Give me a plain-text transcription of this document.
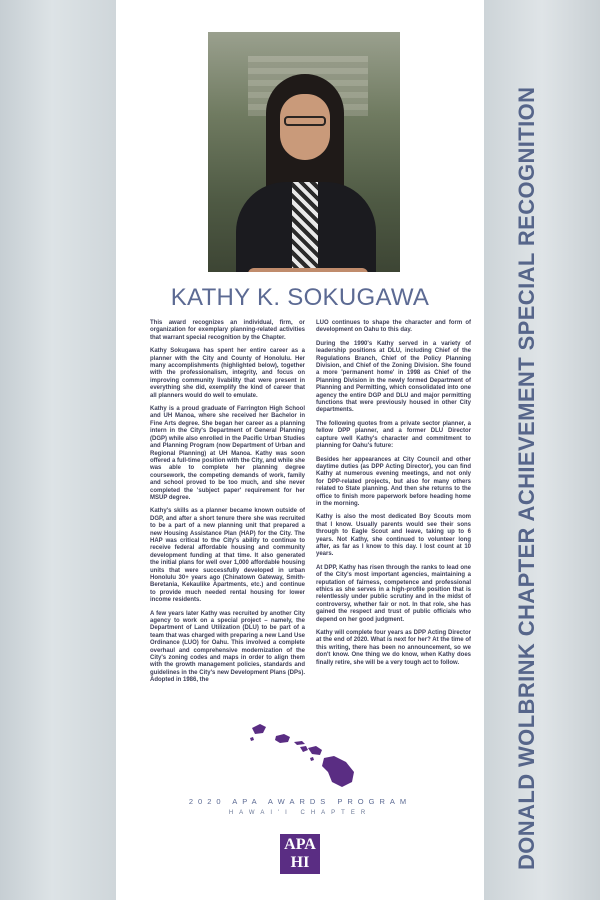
DONALD WOLBRINK CHAPTER ACHIEVEMENT SPECIAL RECOGNITION
KATHY K. SOKUGAWA

This award recognizes an individual, firm, or organization for exemplary planning-related activities that warrant special recognition by the Chapter.

Kathy Sokugawa has spent her entire career as a planner with the City and County of Honolulu. Her many accomplishments (highlighted below), together with the professionalism, integrity, and focus on improving community livability that were present in everything she did, exemplify the kind of career that all planners would do well to emulate.

Kathy is a proud graduate of Farrington High School and UH Manoa, where she received her Bachelor in Fine Arts degree. She began her career as a planning intern in the City's Department of General Planning (DGP) while also enrolled in the Pacific Urban Studies and Planning Program (now Department of Urban and Regional Planning) at UH Manoa. Kathy was soon offered a full-time position with the City, and while she was able to complete her planning degree coursework, the competing demands of work, family and school proved to be too much, and she never completed the 'subject paper' requirement for her MSUP degree.

Kathy's skills as a planner became known outside of DGP, and after a short tenure there she was recruited to be a part of a new planning unit that prepared a new Housing Assistance Plan (HAP) for the City. The HAP was critical to the City's ability to continue to receive federal affordable housing and community development funding at that time. It also generated the initial plans for well over 1,000 affordable housing units that were successfully developed in urban Honolulu 30+ years ago (Chinatown Gateway, Smith-Beretania, Kekaulike Apartments, etc.) and continue to provide much needed rental housing for lower income residents.

A few years later Kathy was recruited by another City agency to work on a special project – namely, the Department of Land Utilization (DLU) to be part of a team that was charged with preparing a new Land Use Ordinance (LUO) for Oahu. This involved a complete overhaul and comprehensive modernization of the City's zoning codes and maps in order to align them with the growth management policies, standards and guidelines in the City's new Development Plans (DPs). Adopted in 1986, the

LUO continues to shape the character and form of development on Oahu to this day.

During the 1990's Kathy served in a variety of leadership positions at DLU, including Chief of the Regulations Branch, Chief of the Policy Planning Division, and Chief of the Zoning Division. She found a more 'permanent home' in 1998 as Chief of the Planning Division in the newly formed Department of Planning and Permitting, which consolidated into one agency the entire DGP and DLU and major permitting functions that were previously housed in other City departments.

The following quotes from a private sector planner, a fellow DPP planner, and a former DLU Director capture well Kathy's character and commitment to planning for Oahu's future:

Besides her appearances at City Council and other daytime duties (as DPP Acting Director), you can find Kathy at numerous evening meetings, and not only for DPP-related projects, but also for many others related to State planning. And then she returns to the office to finish more paperwork before heading home in the morning.

Kathy is also the most dedicated Boy Scouts mom that I know. Usually parents would see their sons through to Eagle Scout and leave, taking up to 6 years. Not Kathy, she continued to volunteer long after, as far as I know to this day. I lost count at 10 years.

At DPP, Kathy has risen through the ranks to lead one of the City's most important agencies, maintaining a reputation of fairness, competence and professional ethics as she serves in a high-profile position that is relentlessly under public scrutiny and in the midst of controversy, whether fair or not. In that role, she has gained the respect and trust of public officials who depend on her good judgment.

Kathy will complete four years as DPP Acting Director at the end of 2020. What is next for her? At the time of this writing, there has been no announcement, so we don't know. One thing we do know, when Kathy does finally retire, she will be a very tough act to follow.

2020 APA AWARDS PROGRAM
HAWAI'I CHAPTER
APA
HI
